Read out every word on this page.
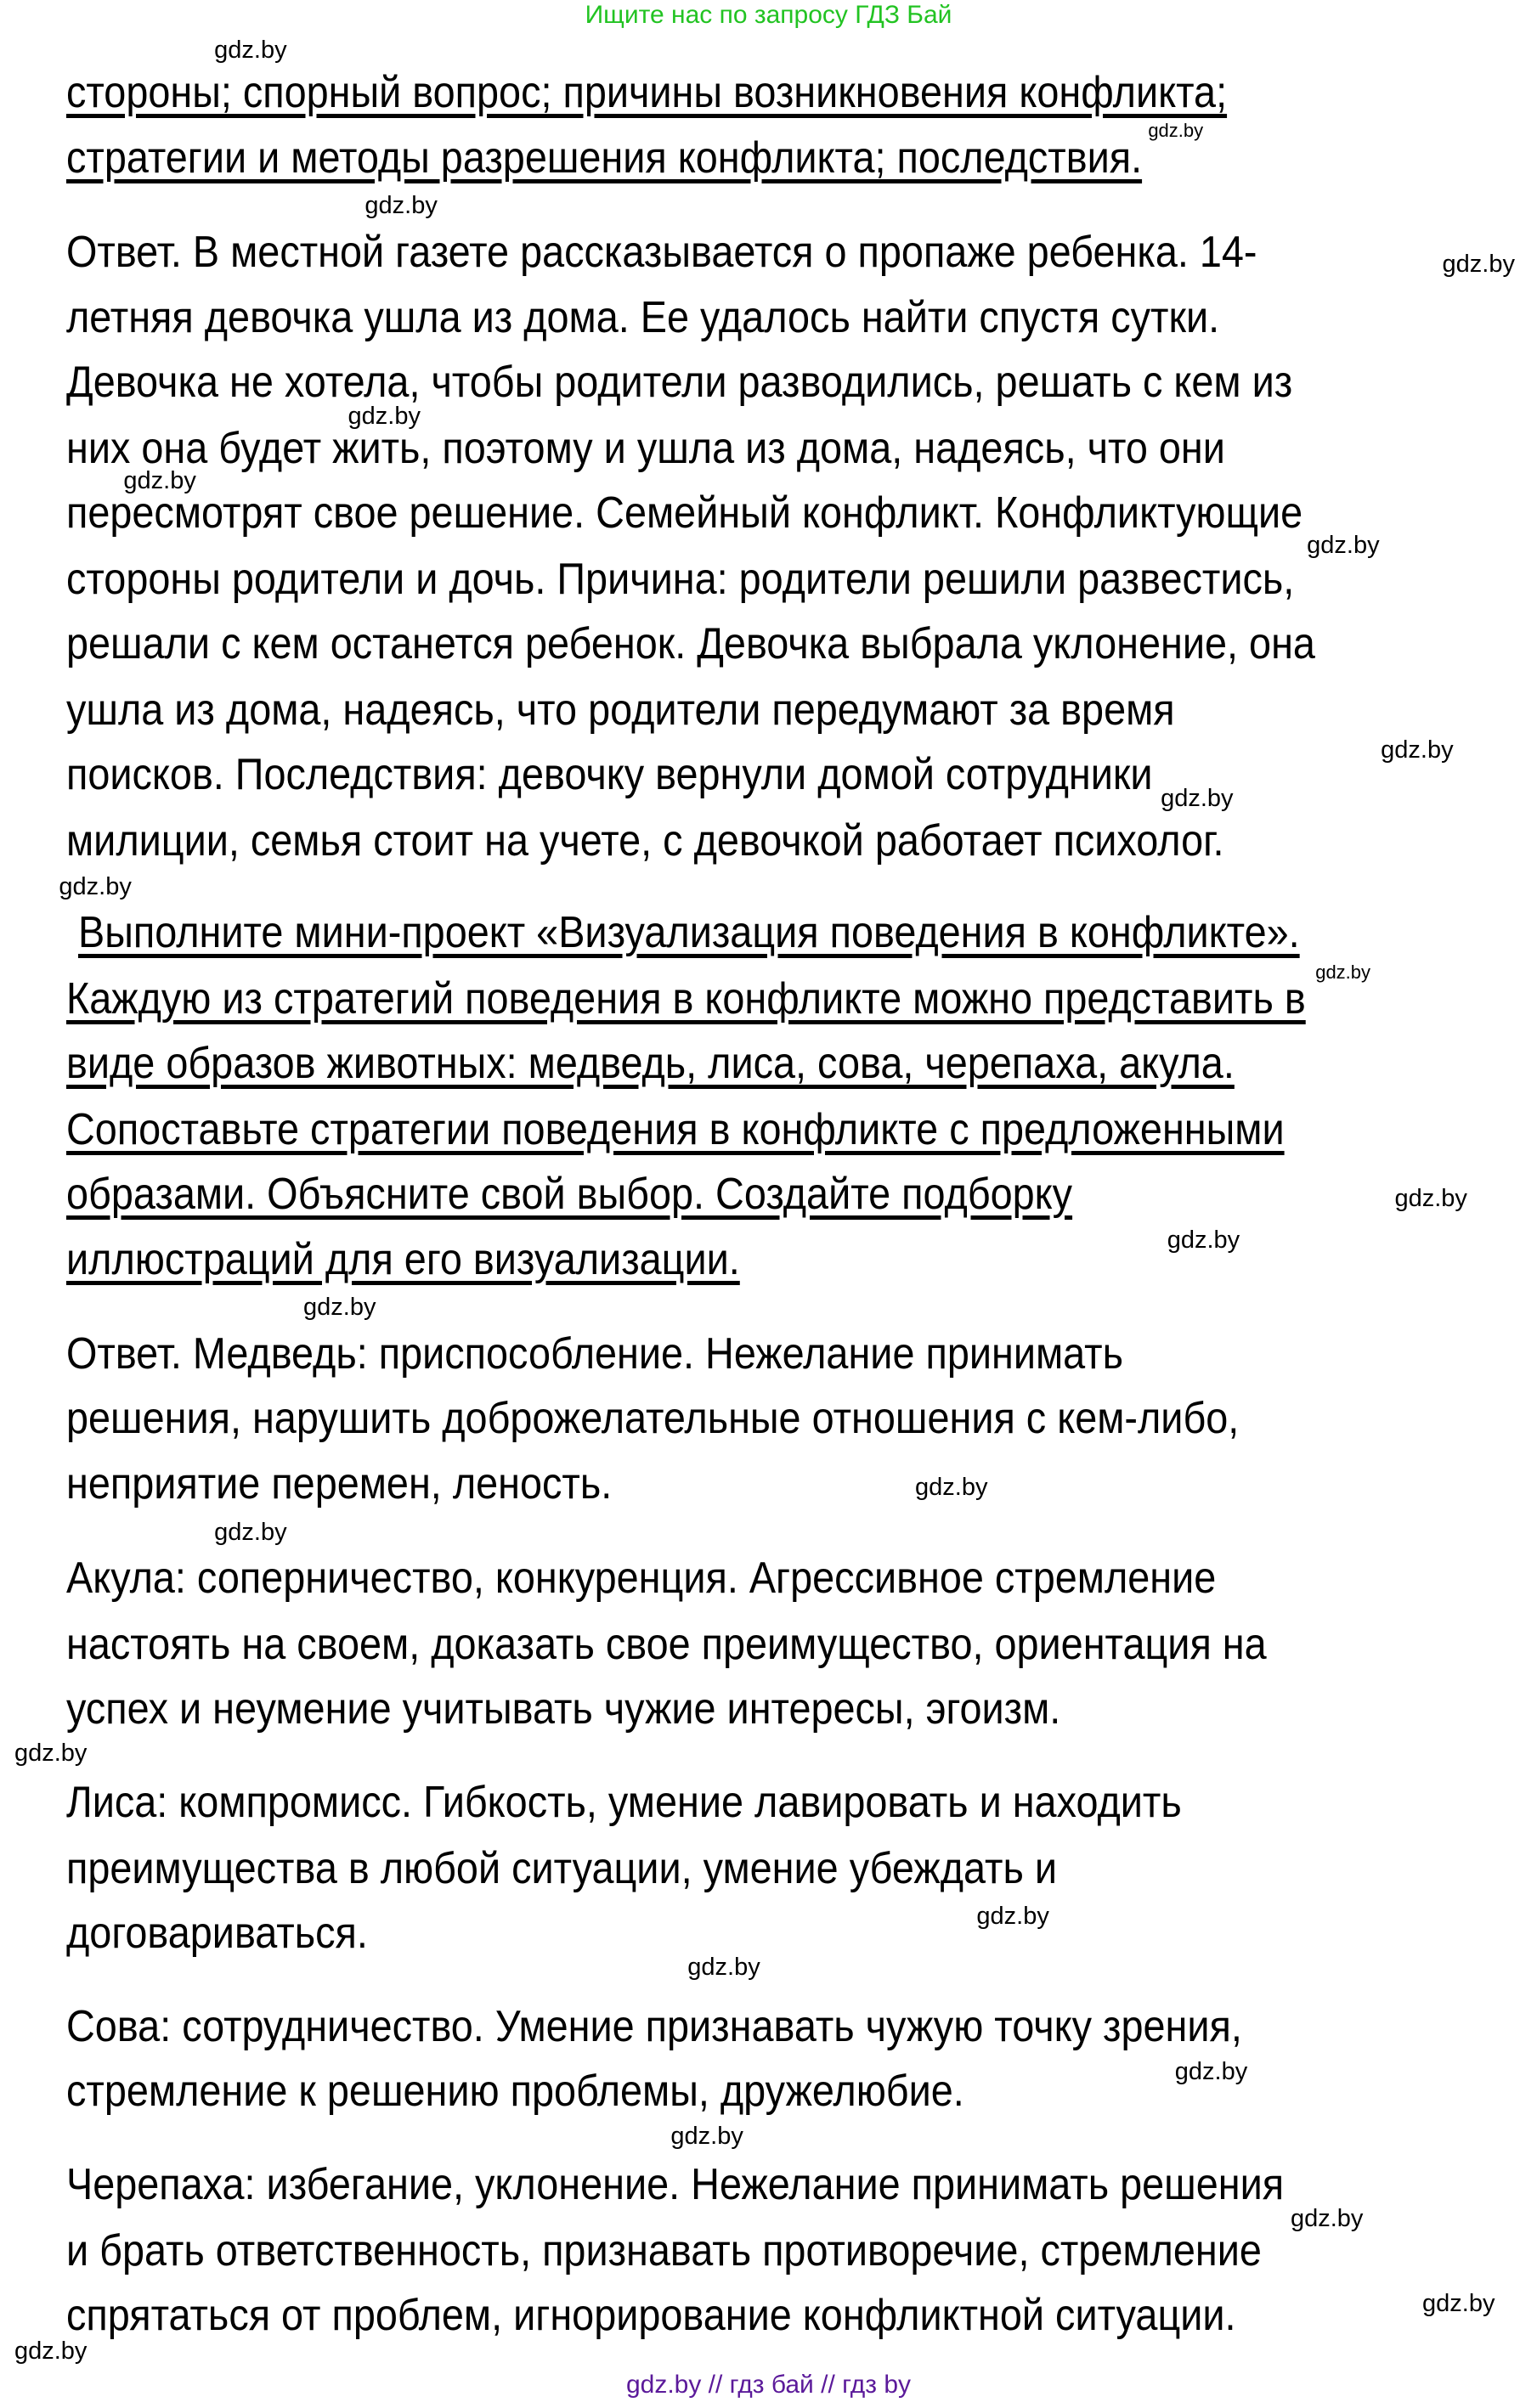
Ищите нас по запросу ГДЗ Бай
стороны; спорный вопрос; причины возникновения конфликта;
стратегии и методы разрешения конфликта; последствия.
Ответ. В местной газете рассказывается о пропаже ребенка. 14-
летняя девочка ушла из дома. Ее удалось найти спустя сутки.
Девочка не хотела, чтобы родители разводились, решать с кем из
них она будет жить, поэтому и ушла из дома, надеясь, что они
пересмотрят свое решение. Семейный конфликт. Конфликтующие
стороны родители и дочь. Причина: родители решили развестись,
решали с кем останется ребенок. Девочка выбрала уклонение, она
ушла из дома, надеясь, что родители передумают за время
поисков. Последствия: девочку вернули домой сотрудники
милиции, семья стоит на учете, с девочкой работает психолог.
Выполните мини-проект «Визуализация поведения в конфликте».
Каждую из стратегий поведения в конфликте можно представить в
виде образов животных: медведь, лиса, сова, черепаха, акула.
Сопоставьте стратегии поведения в конфликте с предложенными
образами. Объясните свой выбор. Создайте подборку
иллюстраций для его визуализации.
Ответ. Медведь: приспособление. Нежелание принимать
решения, нарушить доброжелательные отношения с кем-либо,
неприятие перемен, леность.
Акула: соперничество, конкуренция. Агрессивное стремление
настоять на своем, доказать свое преимущество, ориентация на
успех и неумение учитывать чужие интересы, эгоизм.
Лиса: компромисс. Гибкость, умение лавировать и находить
преимущества в любой ситуации, умение убеждать и
договариваться.
Сова: сотрудничество. Умение признавать чужую точку зрения,
стремление к решению проблемы, дружелюбие.
Черепаха: избегание, уклонение. Нежелание принимать решения
и брать ответственность, признавать противоречие, стремление
спрятаться от проблем, игнорирование конфликтной ситуации.
gdz.by
gdz.by
gdz.by
gdz.by
gdz.by
gdz.by
gdz.by
gdz.by
gdz.by
gdz.by
gdz.by
gdz.by
gdz.by
gdz.by
gdz.by
gdz.by
gdz.by
gdz.by
gdz.by
gdz.by
gdz.by
gdz.by
gdz.by
gdz.by
gdz.by // гдз бай // гдз by
